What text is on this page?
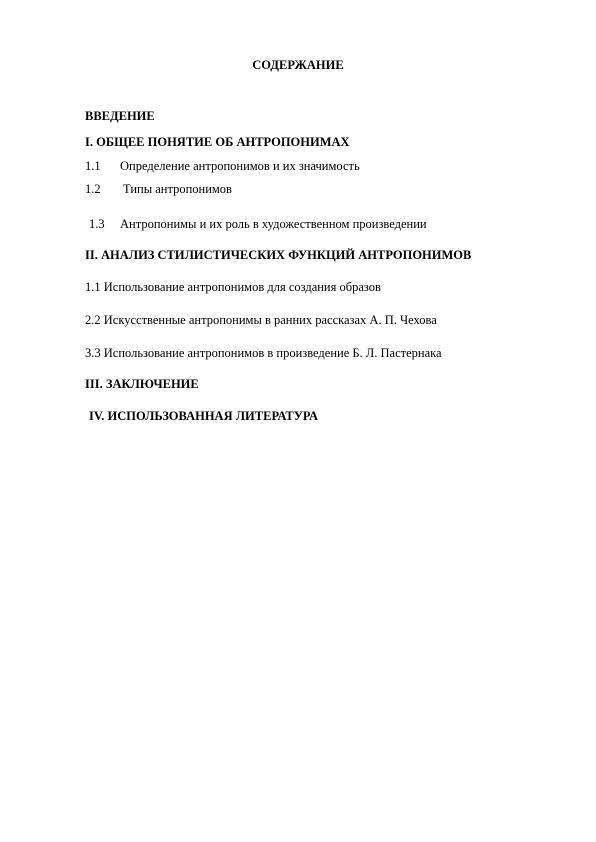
СОДЕРЖАНИЕ
ВВЕДЕНИЕ
I. ОБЩЕЕ ПОНЯТИЕ ОБ АНТРОПОНИМАХ
1.1 Определение антропонимов и их значимость
1.2 Типы антропонимов
1.3 Антропонимы и их роль в художественном произведении
II. АНАЛИЗ СТИЛИСТИЧЕСКИХ ФУНКЦИЙ АНТРОПОНИМОВ
1.1 Использование антропонимов для создания образов
2.2 Искусственные антропонимы в ранних рассказах А. П. Чехова
3.3 Использование антропонимов в произведение Б. Л. Пастернака
III. ЗАКЛЮЧЕНИЕ
IV. ИСПОЛЬЗОВАННАЯ ЛИТЕРАТУРА
